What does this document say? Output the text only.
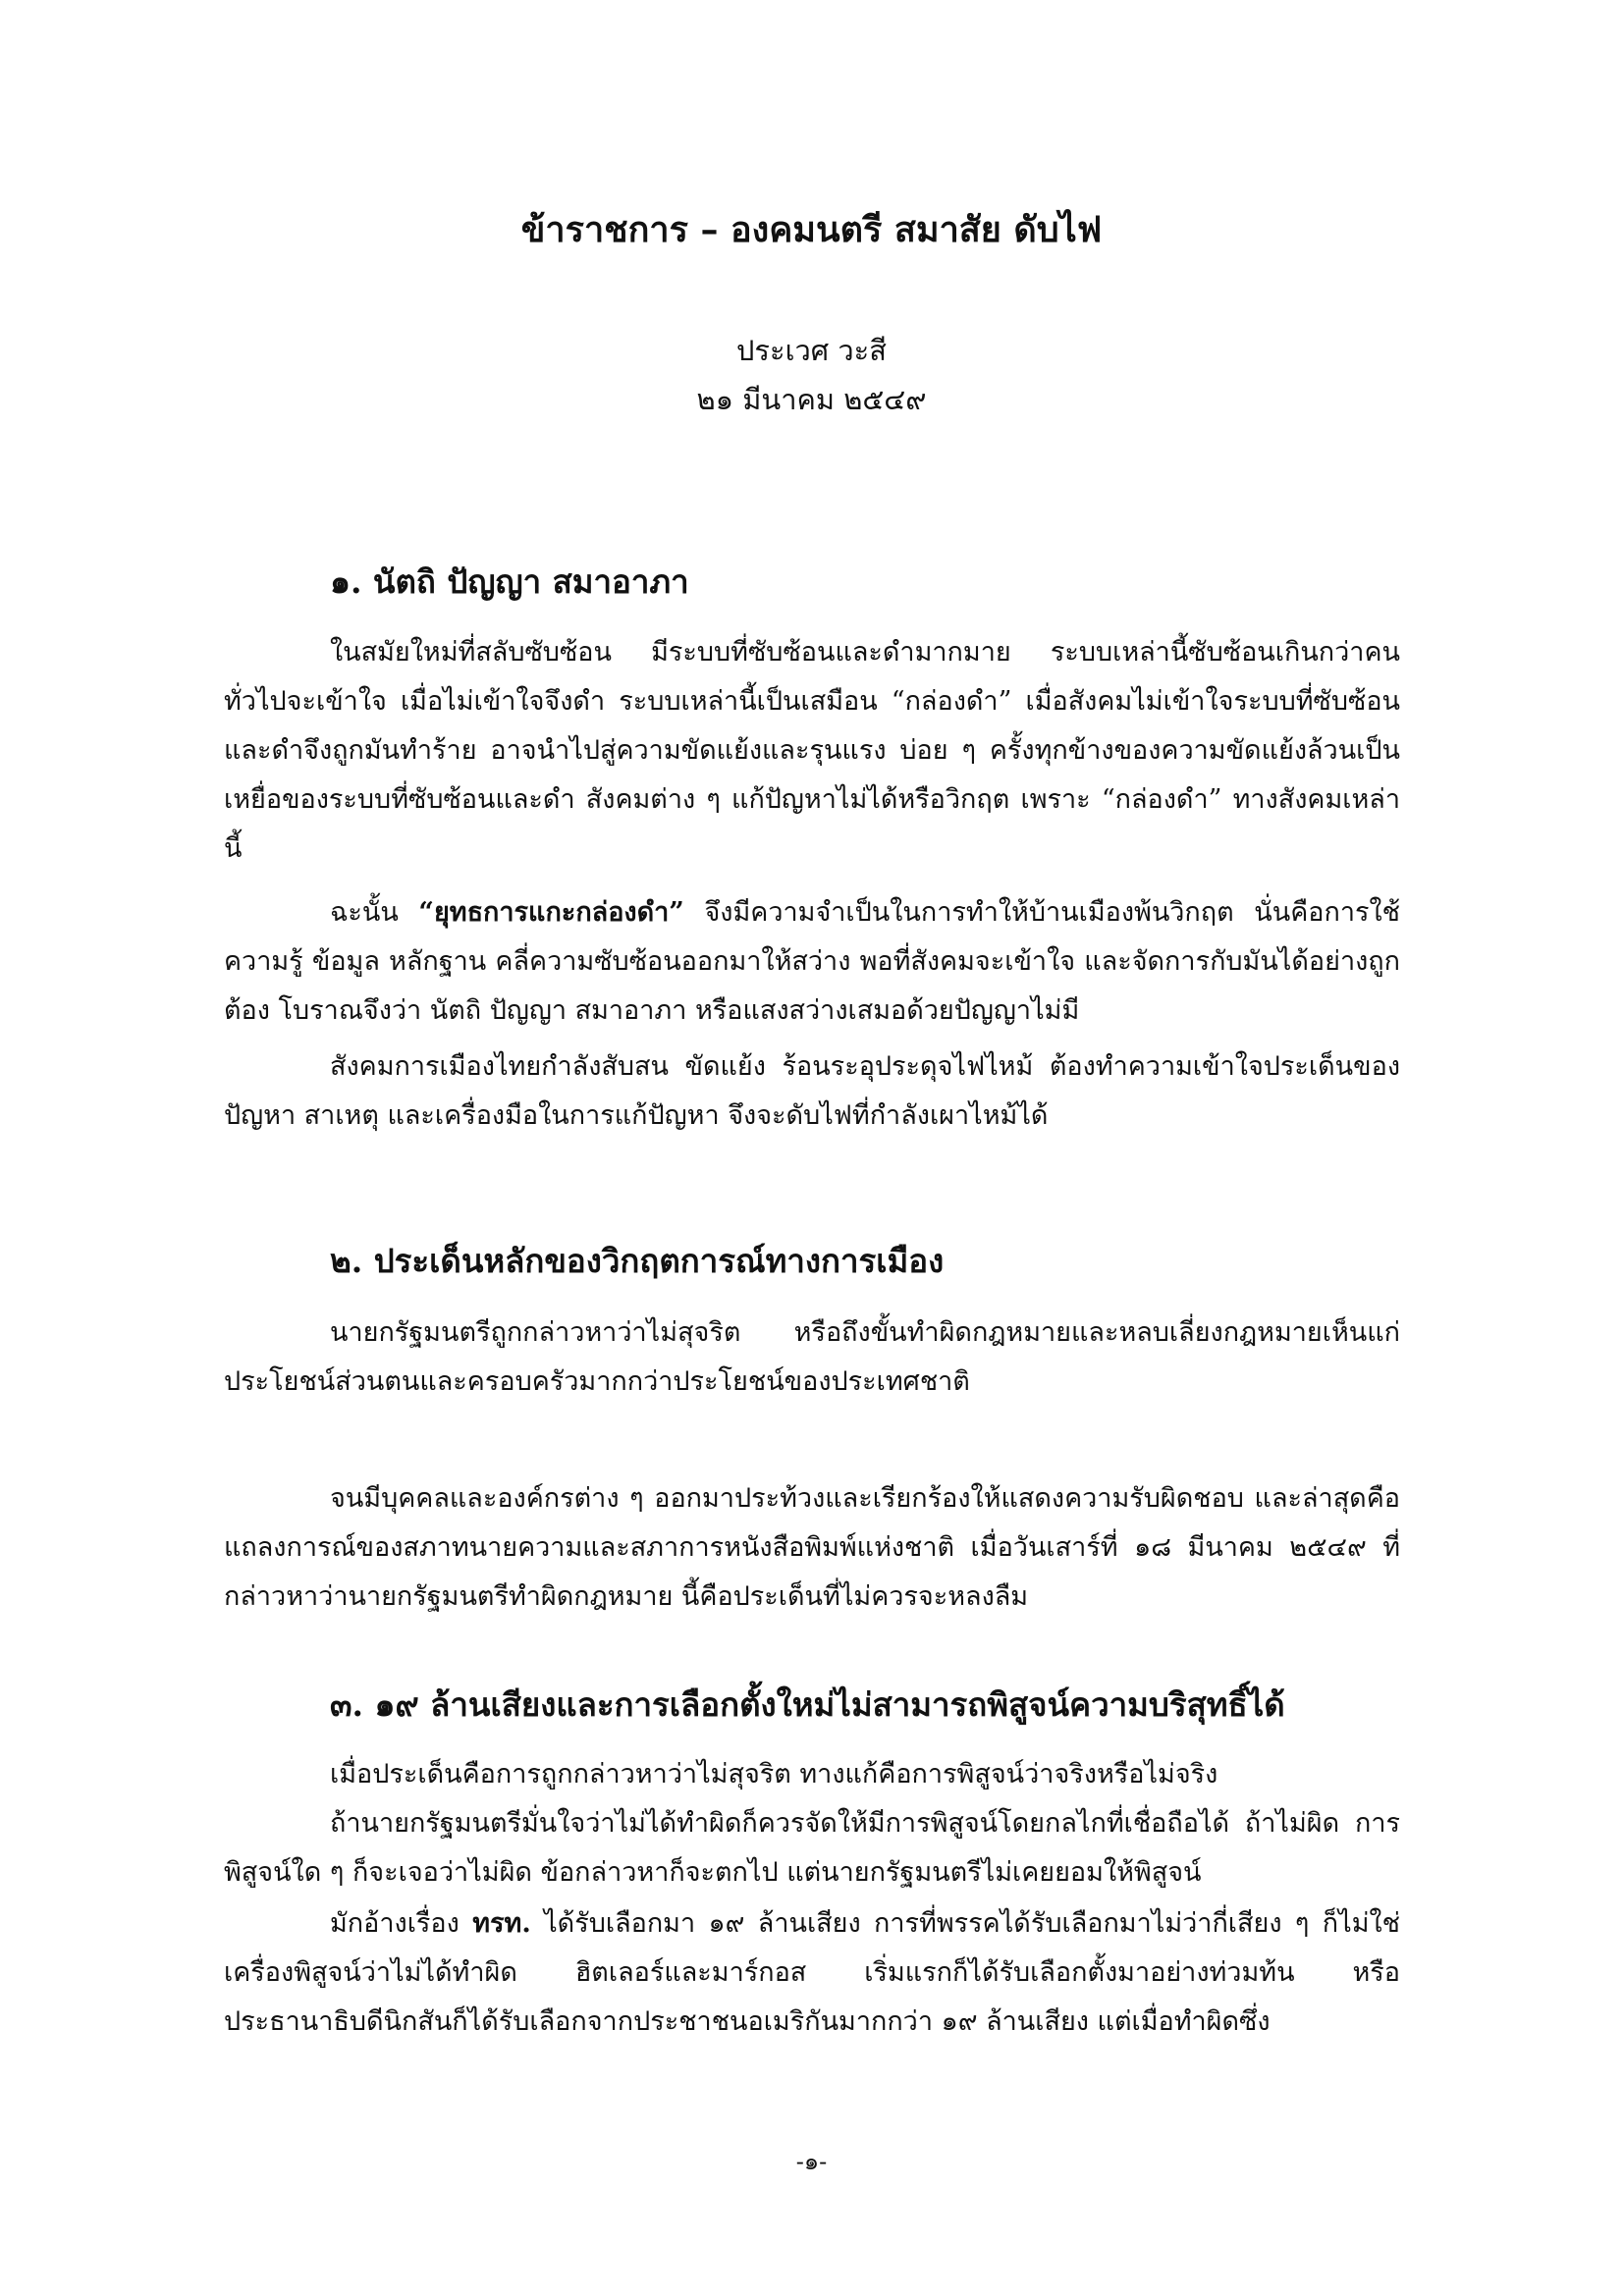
ข้าราชการ – องคมนตรี สมาสัย ดับไฟ
ประเวศ วะสี
๒๑ มีนาคม ๒๕๔๙
๑. นัตถิ ปัญญา สมาอาภา
ในสมัยใหม่ที่สลับซับซ้อน มีระบบที่ซับซ้อนและดำมากมาย ระบบเหล่านี้ซับซ้อนเกินกว่าคนทั่วไปจะเข้าใจ เมื่อไม่เข้าใจจึงดำ ระบบเหล่านี้เป็นเสมือน “กล่องดำ” เมื่อสังคมไม่เข้าใจระบบที่ซับซ้อนและดำจึงถูกมันทำร้าย อาจนำไปสู่ความขัดแย้งและรุนแรง บ่อย ๆ ครั้งทุกข้างของความขัดแย้งล้วนเป็นเหยื่อของระบบที่ซับซ้อนและดำ สังคมต่าง ๆ แก้ปัญหาไม่ได้หรือวิกฤต เพราะ “กล่องดำ” ทางสังคมเหล่านี้
ฉะนั้น “ยุทธการแกะกล่องดำ” จึงมีความจำเป็นในการทำให้บ้านเมืองพ้นวิกฤต นั่นคือการใช้ความรู้ ข้อมูล หลักฐาน คลี่ความซับซ้อนออกมาให้สว่าง พอที่สังคมจะเข้าใจ และจัดการกับมันได้อย่างถูกต้อง โบราณจึงว่า นัตถิ ปัญญา สมาอาภา หรือแสงสว่างเสมอด้วยปัญญาไม่มี
สังคมการเมืองไทยกำลังสับสน ขัดแย้ง ร้อนระอุประดุจไฟไหม้ ต้องทำความเข้าใจประเด็นของปัญหา สาเหตุ และเครื่องมือในการแก้ปัญหา จึงจะดับไฟที่กำลังเผาไหม้ได้
๒. ประเด็นหลักของวิกฤตการณ์ทางการเมือง
นายกรัฐมนตรีถูกกล่าวหาว่าไม่สุจริต หรือถึงขั้นทำผิดกฎหมายและหลบเลี่ยงกฎหมายเห็นแก่ประโยชน์ส่วนตนและครอบครัวมากกว่าประโยชน์ของประเทศชาติ
จนมีบุคคลและองค์กรต่าง ๆ ออกมาประท้วงและเรียกร้องให้แสดงความรับผิดชอบ และล่าสุดคือแถลงการณ์ของสภาทนายความและสภาการหนังสือพิมพ์แห่งชาติ เมื่อวันเสาร์ที่ ๑๘ มีนาคม ๒๕๔๙ ที่กล่าวหาว่านายกรัฐมนตรีทำผิดกฎหมาย นี้คือประเด็นที่ไม่ควรจะหลงลืม
๓. ๑๙ ล้านเสียงและการเลือกตั้งใหม่ไม่สามารถพิสูจน์ความบริสุทธิ์ได้
เมื่อประเด็นคือการถูกกล่าวหาว่าไม่สุจริต ทางแก้คือการพิสูจน์ว่าจริงหรือไม่จริง
ถ้านายกรัฐมนตรีมั่นใจว่าไม่ได้ทำผิดก็ควรจัดให้มีการพิสูจน์โดยกลไกที่เชื่อถือได้ ถ้าไม่ผิด การพิสูจน์ใด ๆ ก็จะเจอว่าไม่ผิด ข้อกล่าวหาก็จะตกไป แต่นายกรัฐมนตรีไม่เคยยอมให้พิสูจน์
มักอ้างเรื่อง ทรท. ได้รับเลือกมา ๑๙ ล้านเสียง การที่พรรคได้รับเลือกมาไม่ว่ากี่เสียง ๆ ก็ไม่ใช่เครื่องพิสูจน์ว่าไม่ได้ทำผิด ฮิตเลอร์และมาร์กอส เริ่มแรกก็ได้รับเลือกตั้งมาอย่างท่วมท้น หรือประธานาธิบดีนิกสันก็ได้รับเลือกจากประชาชนอเมริกันมากกว่า ๑๙ ล้านเสียง แต่เมื่อทำผิดซึ่ง
-๑-
